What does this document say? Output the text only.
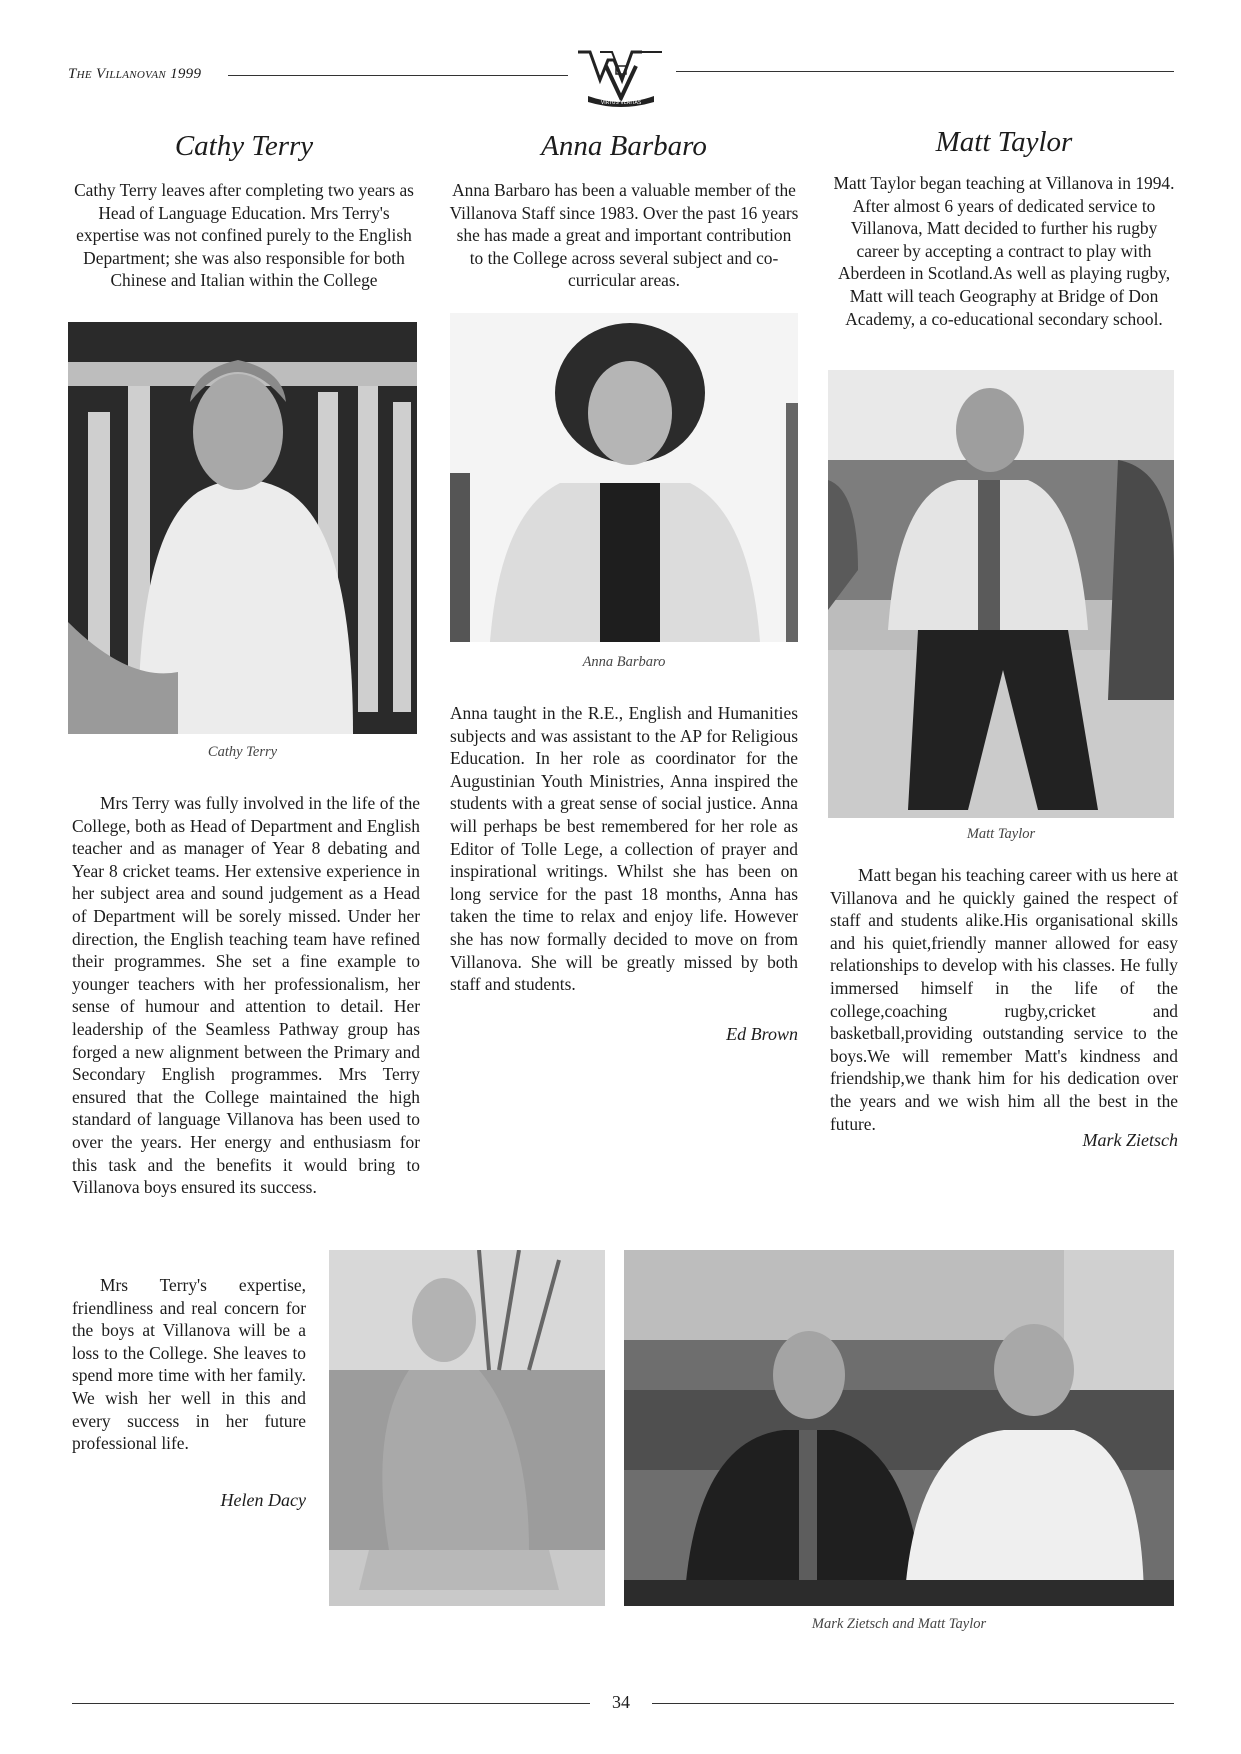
The Villanovan 1999
VIRTUS VERITAS
Cathy Terry
Cathy Terry leaves after completing two years as Head of Language Education. Mrs Terry's expertise was not confined purely to the English Department; she was also responsible for both Chinese and Italian within the College
Cathy Terry
Mrs Terry was fully involved in the life of the College, both as Head of Department and English teacher and as manager of Year 8 debating and Year 8 cricket teams. Her extensive experience in her subject area and sound judgement as a Head of Department will be sorely missed. Under her direction, the English teaching team have refined their programmes. She set a fine example to younger teachers with her professionalism, her sense of humour and attention to detail. Her leadership of the Seamless Pathway group has forged a new alignment between the Primary and Secondary English programmes. Mrs Terry ensured that the College maintained the high standard of language Villanova has been used to over the years. Her energy and enthusiasm for this task and the benefits it would bring to Villanova boys ensured its success.
Mrs Terry's expertise, friendliness and real concern for the boys at Villanova will be a loss to the College. She leaves to spend more time with her family. We wish her well in this and every success in her future professional life.
Helen Dacy
Anna Barbaro
Anna Barbaro has been a valuable member of the Villanova Staff since 1983. Over the past 16 years she has made a great and important contribution to the College across several subject and co-curricular areas.
Anna Barbaro
Anna taught in the R.E., English and Humanities subjects and was assistant to the AP for Religious Education. In her role as coordinator for the Augustinian Youth Ministries, Anna inspired the students with a great sense of social justice. Anna will perhaps be best remembered for her role as Editor of Tolle Lege, a collection of prayer and inspirational writings. Whilst she has been on long service for the past 18 months, Anna has taken the time to relax and enjoy life. However she has now formally decided to move on from Villanova. She will be greatly missed by both staff and students.
Ed Brown
Matt Taylor
Matt Taylor began teaching at Villanova in 1994. After almost 6 years of dedicated service to Villanova, Matt decided to further his rugby career by accepting a contract to play with Aberdeen in Scotland.As well as playing rugby, Matt will teach Geography at Bridge of Don Academy, a co-educational secondary school.
Matt Taylor
Matt began his teaching career with us here at Villanova and he quickly gained the respect of staff and students alike.His organisational skills and his quiet,friendly manner allowed for easy relationships to develop with his classes. He fully immersed himself in the life of the college,coaching rugby,cricket and basketball,providing outstanding service to the boys.We will remember Matt's kindness and friendship,we thank him for his dedication over the years and we wish him all the best in the future.
Mark Zietsch
Mark Zietsch and Matt Taylor
34
